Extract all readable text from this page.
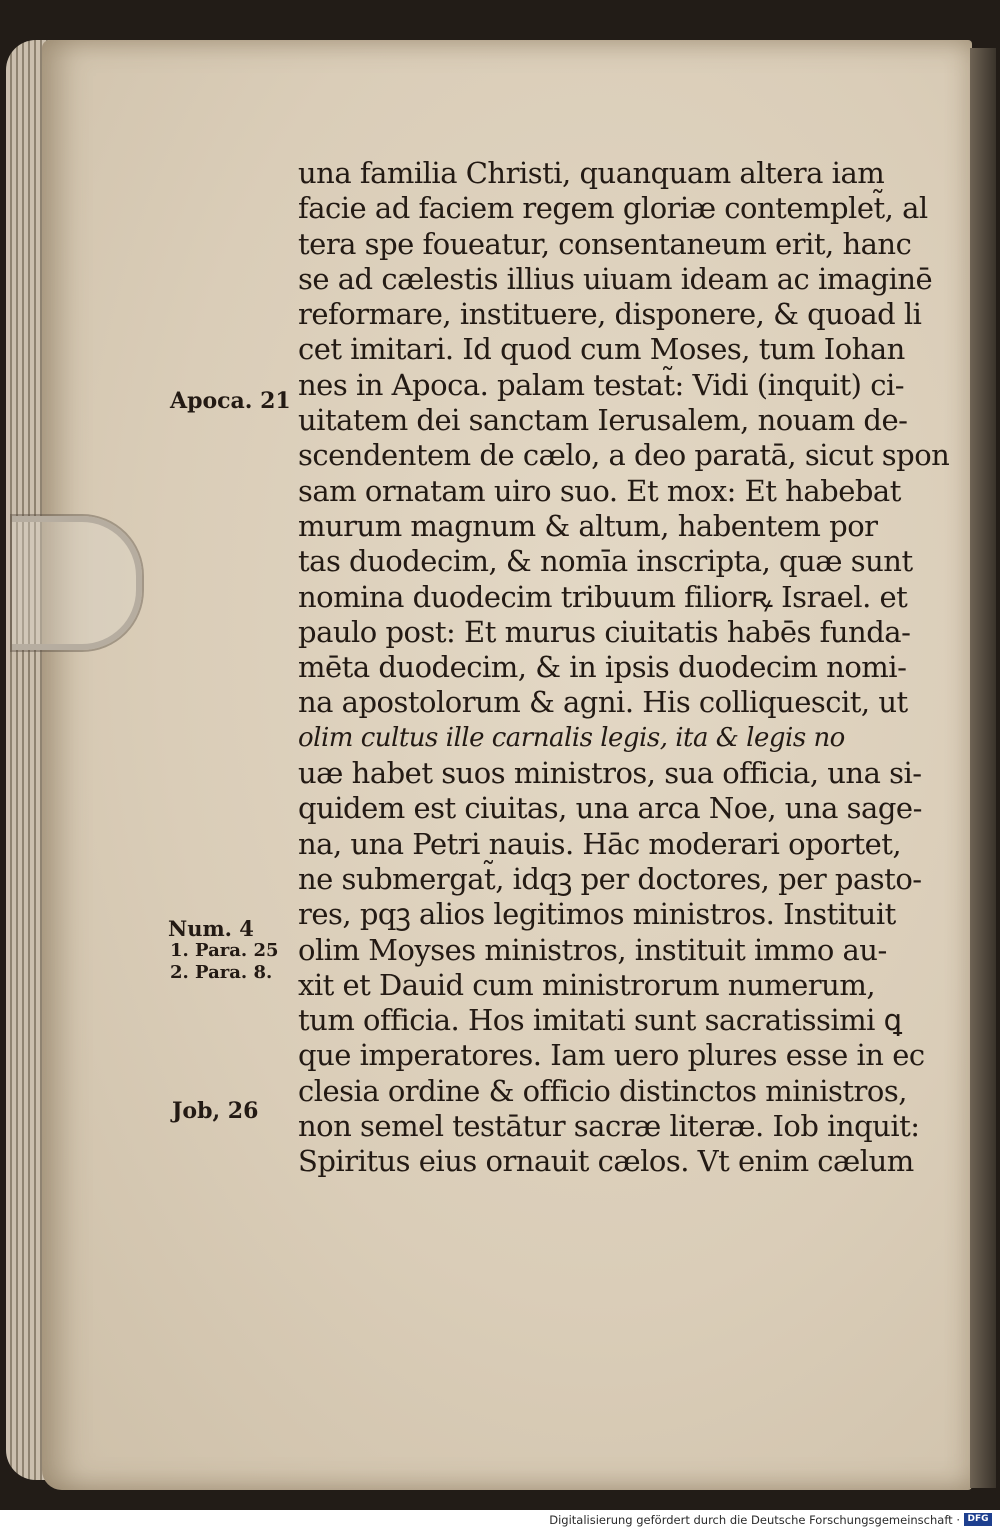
Apoca. 21
Num. 4
1. Para. 25
2. Para. 8.
Job, 26
una familia Christi, quanquam altera iam
facie ad faciem regem gloriæ contemplet̃, al
tera spe foueatur, consentaneum erit, hanc
se ad cælestis illius uiuam ideam ac imaginē
reformare, instituere, disponere, & quoad li
cet imitari. Id quod cum Moses, tum Iohan
nes in Apoca. palam testat̃: Vidi (inquit) ci-
uitatem dei sanctam Ierusalem, nouam de-
scendentem de cælo, a deo paratā, sicut spon
sam ornatam uiro suo. Et mox: Et habebat
murum magnum & altum, habentem por
tas duodecim, & nomīa inscripta, quæ sunt
nomina duodecim tribuum filiorꝶ Israel. et
paulo post: Et murus ciuitatis habēs funda-
mēta duodecim, & in ipsis duodecim nomi-
na apostolorum & agni. His colliquescit, ut
olim cultus ille carnalis legis, ita & legis no
uæ habet suos ministros, sua officia, una si-
quidem est ciuitas, una arca Noe, una sage-
na, una Petri nauis. Hāc moderari oportet,
ne submergat̃, idqꝫ per doctores, per pasto-
res, pqꝫ alios legitimos ministros. Instituit
olim Moyses ministros, instituit immo au-
xit et Dauid cum ministrorum numerum,
tum officia. Hos imitati sunt sacratissimi ꝗ
que imperatores. Iam uero plures esse in ec
clesia ordine & officio distinctos ministros,
non semel testātur sacræ literæ. Iob inquit:
Spiritus eius ornauit cælos. Vt enim cælum
Digitalisierung gefördert durch die Deutsche Forschungsgemeinschaft · DFG
